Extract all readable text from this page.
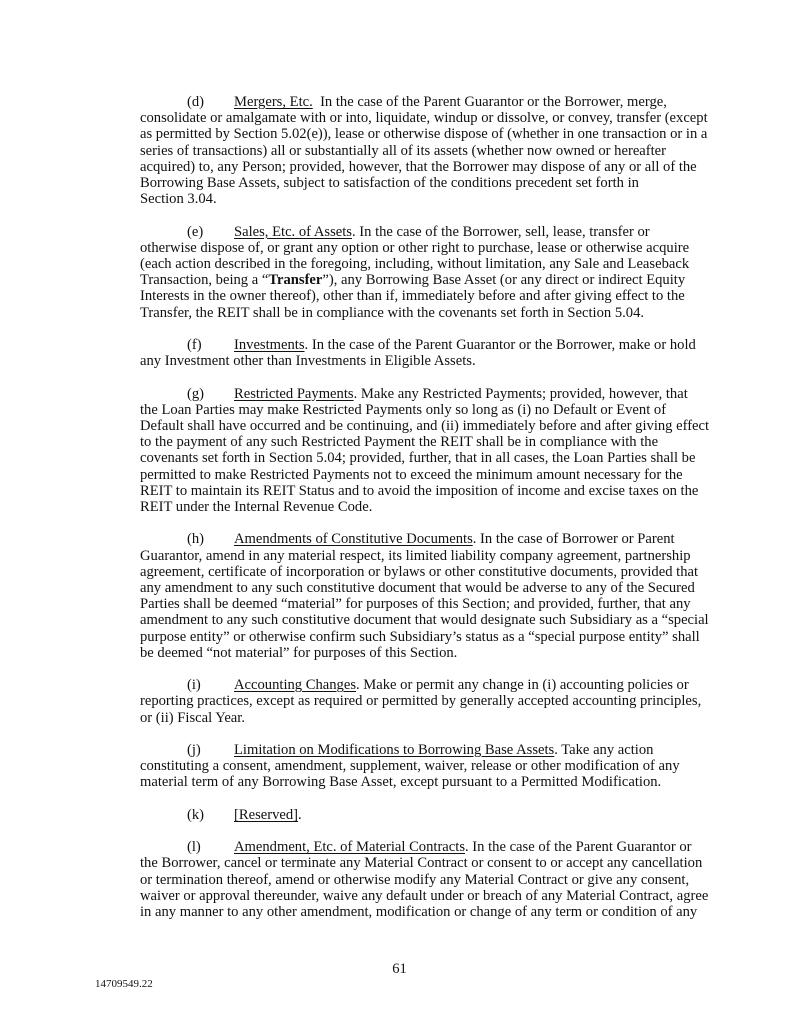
(d) Mergers, Etc. In the case of the Parent Guarantor or the Borrower, merge,
consolidate or amalgamate with or into, liquidate, windup or dissolve, or convey, transfer (except
as permitted by Section 5.02(e)), lease or otherwise dispose of (whether in one transaction or in a
series of transactions) all or substantially all of its assets (whether now owned or hereafter
acquired) to, any Person; provided, however, that the Borrower may dispose of any or all of the
Borrowing Base Assets, subject to satisfaction of the conditions precedent set forth in
Section 3.04.

(e) Sales, Etc. of Assets. In the case of the Borrower, sell, lease, transfer or
otherwise dispose of, or grant any option or other right to purchase, lease or otherwise acquire
(each action described in the foregoing, including, without limitation, any Sale and Leaseback
Transaction, being a “Transfer”), any Borrowing Base Asset (or any direct or indirect Equity
Interests in the owner thereof), other than if, immediately before and after giving effect to the
Transfer, the REIT shall be in compliance with the covenants set forth in Section 5.04.

(f) Investments. In the case of the Parent Guarantor or the Borrower, make or hold
any Investment other than Investments in Eligible Assets.

(g) Restricted Payments. Make any Restricted Payments; provided, however, that
the Loan Parties may make Restricted Payments only so long as (i) no Default or Event of
Default shall have occurred and be continuing, and (ii) immediately before and after giving effect
to the payment of any such Restricted Payment the REIT shall be in compliance with the
covenants set forth in Section 5.04; provided, further, that in all cases, the Loan Parties shall be
permitted to make Restricted Payments not to exceed the minimum amount necessary for the
REIT to maintain its REIT Status and to avoid the imposition of income and excise taxes on the
REIT under the Internal Revenue Code.

(h) Amendments of Constitutive Documents. In the case of Borrower or Parent
Guarantor, amend in any material respect, its limited liability company agreement, partnership
agreement, certificate of incorporation or bylaws or other constitutive documents, provided that
any amendment to any such constitutive document that would be adverse to any of the Secured
Parties shall be deemed “material” for purposes of this Section; and provided, further, that any
amendment to any such constitutive document that would designate such Subsidiary as a “special
purpose entity” or otherwise confirm such Subsidiary’s status as a “special purpose entity” shall
be deemed “not material” for purposes of this Section.

(i) Accounting Changes. Make or permit any change in (i) accounting policies or
reporting practices, except as required or permitted by generally accepted accounting principles,
or (ii) Fiscal Year.

(j) Limitation on Modifications to Borrowing Base Assets. Take any action
constituting a consent, amendment, supplement, waiver, release or other modification of any
material term of any Borrowing Base Asset, except pursuant to a Permitted Modification.

(k) [Reserved].

(l) Amendment, Etc. of Material Contracts. In the case of the Parent Guarantor or
the Borrower, cancel or terminate any Material Contract or consent to or accept any cancellation
or termination thereof, amend or otherwise modify any Material Contract or give any consent,
waiver or approval thereunder, waive any default under or breach of any Material Contract, agree
in any manner to any other amendment, modification or change of any term or condition of any

61
14709549.22
